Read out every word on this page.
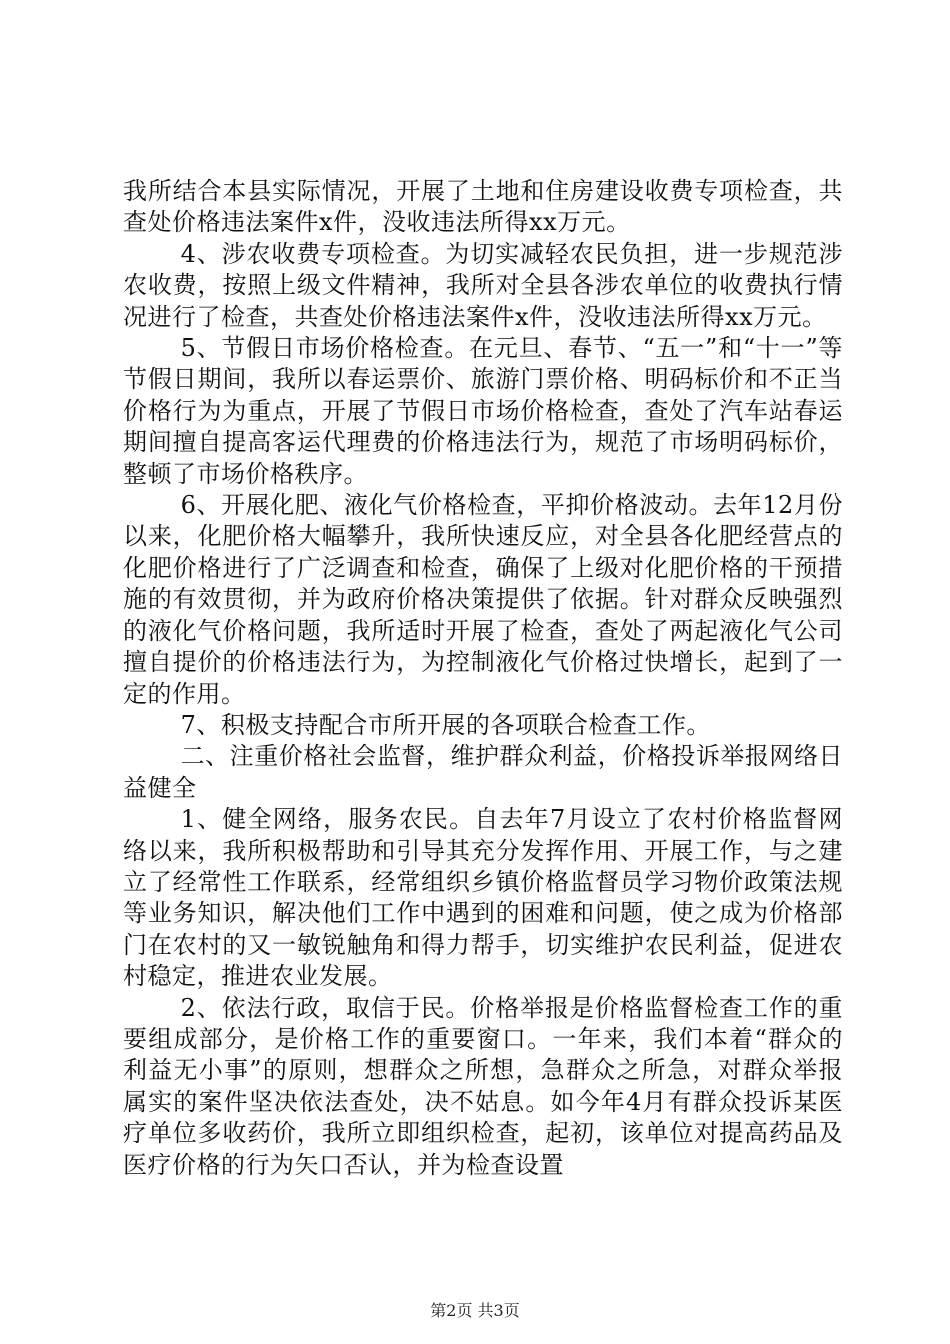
我所结合本县实际情况，开展了土地和住房建设收费专项检查，共查处价格违法案件x件，没收违法所得xx万元。

4、涉农收费专项检查。为切实减轻农民负担，进一步规范涉农收费，按照上级文件精神，我所对全县各涉农单位的收费执行情况进行了检查，共查处价格违法案件x件，没收违法所得xx万元。

5、节假日市场价格检查。在元旦、春节、“五一”和“十一”等节假日期间，我所以春运票价、旅游门票价格、明码标价和不正当价格行为为重点，开展了节假日市场价格检查，查处了汽车站春运期间擅自提高客运代理费的价格违法行为，规范了市场明码标价，整顿了市场价格秩序。

6、开展化肥、液化气价格检查，平抑价格波动。去年12月份以来，化肥价格大幅攀升，我所快速反应，对全县各化肥经营点的化肥价格进行了广泛调查和检查，确保了上级对化肥价格的干预措施的有效贯彻，并为政府价格决策提供了依据。针对群众反映强烈的液化气价格问题，我所适时开展了检查，查处了两起液化气公司擅自提价的价格违法行为，为控制液化气价格过快增长，起到了一定的作用。

7、积极支持配合市所开展的各项联合检查工作。

二、注重价格社会监督，维护群众利益，价格投诉举报网络日益健全

1、健全网络，服务农民。自去年7月设立了农村价格监督网络以来，我所积极帮助和引导其充分发挥作用、开展工作，与之建立了经常性工作联系，经常组织乡镇价格监督员学习物价政策法规等业务知识，解决他们工作中遇到的困难和问题，使之成为价格部门在农村的又一敏锐触角和得力帮手，切实维护农民利益，促进农村稳定，推进农业发展。

2、依法行政，取信于民。价格举报是价格监督检查工作的重要组成部分，是价格工作的重要窗口。一年来，我们本着“群众的利益无小事”的原则，想群众之所想，急群众之所急，对群众举报属实的案件坚决依法查处，决不姑息。如今年4月有群众投诉某医疗单位多收药价，我所立即组织检查，起初，该单位对提高药品及医疗价格的行为矢口否认，并为检查设置

第2页 共3页
